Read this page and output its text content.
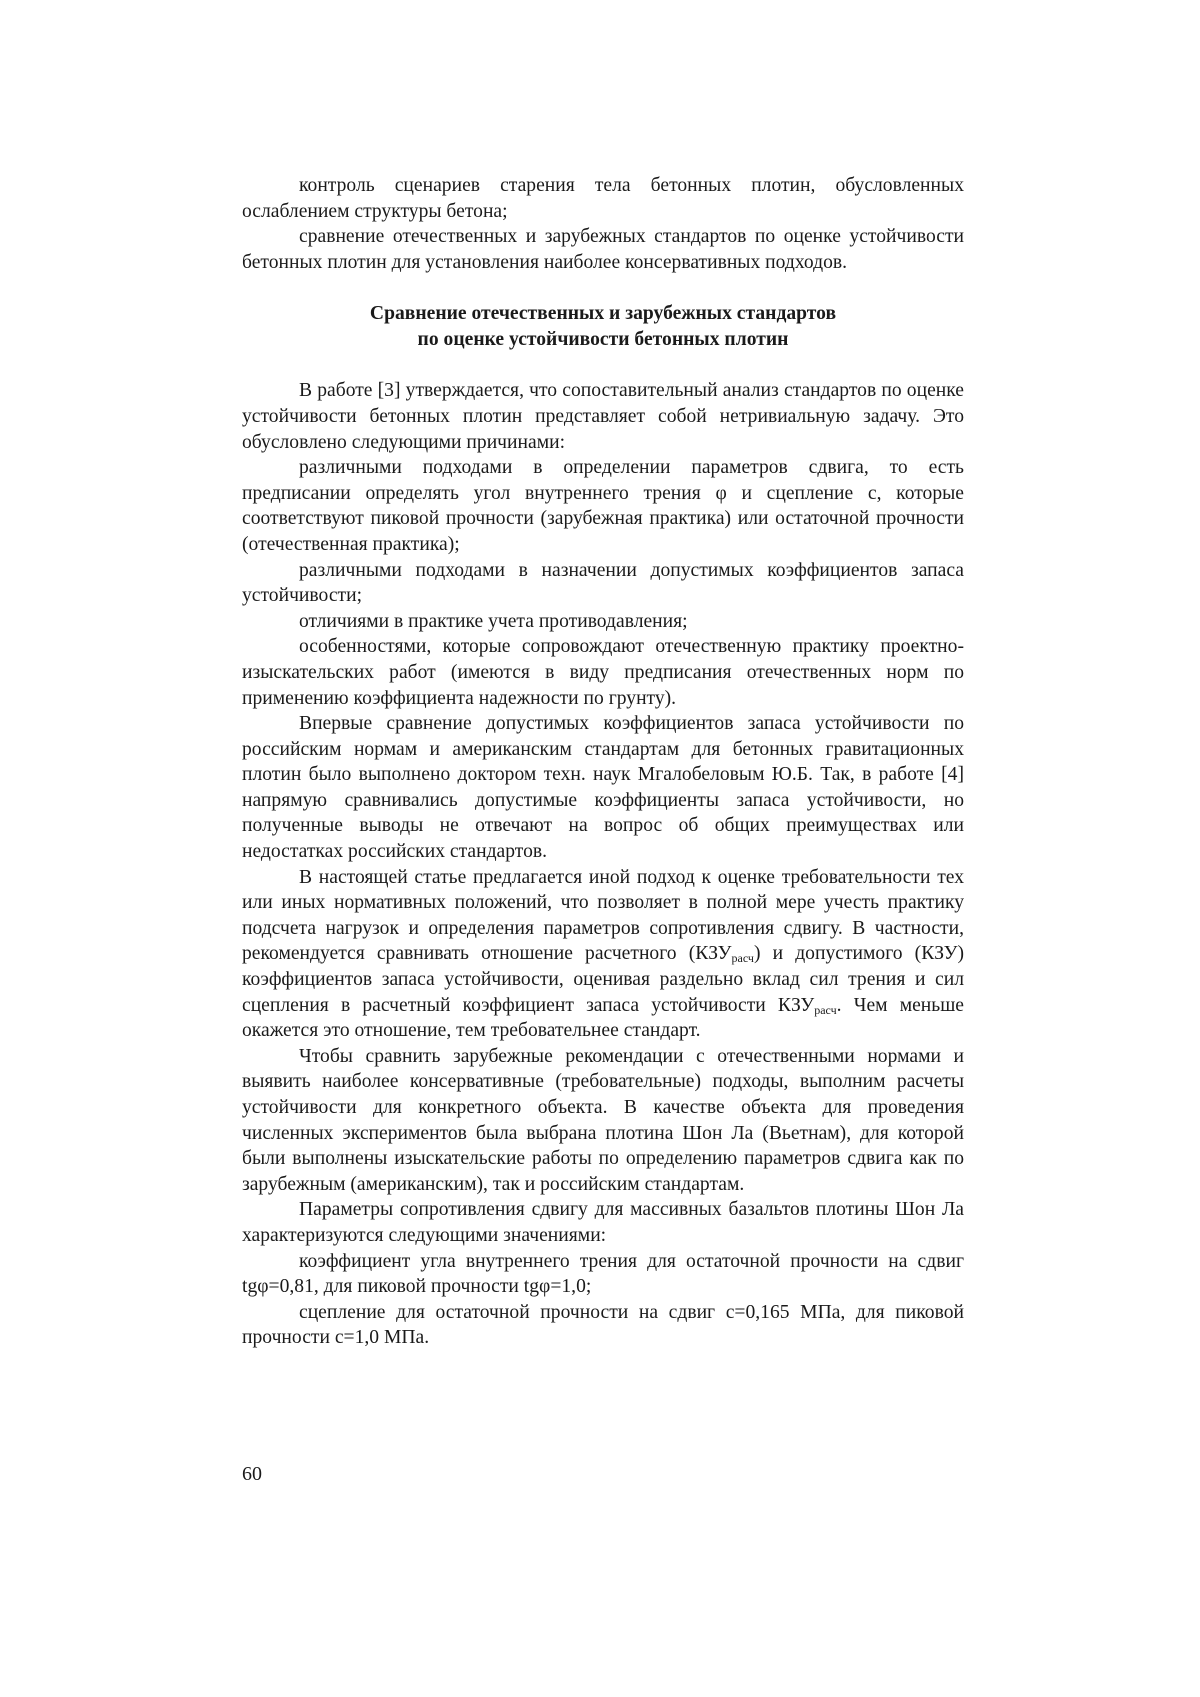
контроль сценариев старения тела бетонных плотин, обусловленных ослаблением структуры бетона;

сравнение отечественных и зарубежных стандартов по оценке устойчивости бетонных плотин для установления наиболее консервативных подходов.

Сравнение отечественных и зарубежных стандартов
по оценке устойчивости бетонных плотин

В работе [3] утверждается, что сопоставительный анализ стандартов по оценке устойчивости бетонных плотин представляет собой нетривиальную задачу. Это обусловлено следующими причинами:

различными подходами в определении параметров сдвига, то есть предписании определять угол внутреннего трения φ и сцепление c, которые соответствуют пиковой прочности (зарубежная практика) или остаточной прочности (отечественная практика);

различными подходами в назначении допустимых коэффициентов запаса устойчивости;

отличиями в практике учета противодавления;

особенностями, которые сопровождают отечественную практику проектно-изыскательских работ (имеются в виду предписания отечественных норм по применению коэффициента надежности по грунту).

Впервые сравнение допустимых коэффициентов запаса устойчивости по российским нормам и американским стандартам для бетонных гравитационных плотин было выполнено доктором техн. наук Мгалобеловым Ю.Б. Так, в работе [4] напрямую сравнивались допустимые коэффициенты запаса устойчивости, но полученные выводы не отвечают на вопрос об общих преимуществах или недостатках российских стандартов.

В настоящей статье предлагается иной подход к оценке требовательности тех или иных нормативных положений, что позволяет в полной мере учесть практику подсчета нагрузок и определения параметров сопротивления сдвигу. В частности, рекомендуется сравнивать отношение расчетного $(КЗУ_{расч})$ и допустимого (КЗУ) коэффициентов запаса устойчивости, оценивая раздельно вклад сил трения и сил сцепления в расчетный коэффициент запаса устойчивости $КЗУ_{расч}$. Чем меньше окажется это отношение, тем требовательнее стандарт.

Чтобы сравнить зарубежные рекомендации с отечественными нормами и выявить наиболее консервативные (требовательные) подходы, выполним расчеты устойчивости для конкретного объекта. В качестве объекта для проведения численных экспериментов была выбрана плотина Шон Ла (Вьетнам), для которой были выполнены изыскательские работы по определению параметров сдвига как по зарубежным (американским), так и российским стандартам.

Параметры сопротивления сдвигу для массивных базальтов плотины Шон Ла характеризуются следующими значениями:

коэффициент угла внутреннего трения для остаточной прочности на сдвиг tgφ=0,81, для пиковой прочности tgφ=1,0;

сцепление для остаточной прочности на сдвиг c=0,165 МПа, для пиковой прочности c=1,0 МПа.

60
